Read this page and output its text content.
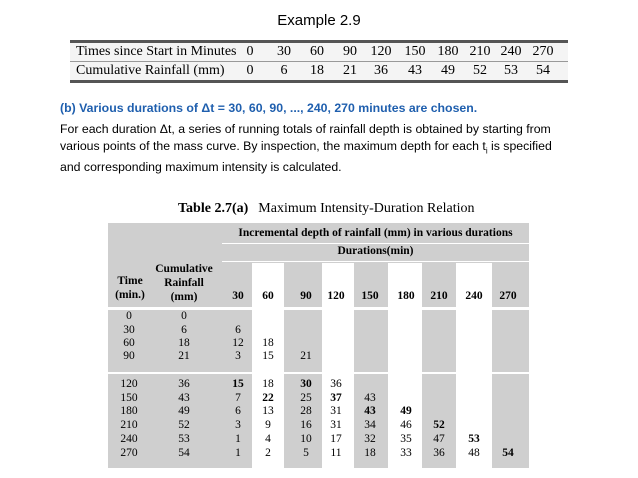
Example 2.9
Times since Start in Minutes 0	30	60	90 120 150 180 210 240 270
Cumulative Rainfall (mm)	0	6	18	21	36	43	49	52	53	54
(b) Various durations of Δt = 30, 60, 90, ..., 240, 270 minutes are chosen.
For each duration Δt, a series of running totals of rainfall depth is obtained by starting from
various points of the mass curve. By inspection, the maximum depth for each $t_i$ is specified
and corresponding maximum intensity is calculated.
Table 2.7(a) Maximum Intensity-Duration Relation
Incremental depth of rainfall (mm) in various durations
Durations(min)
Time
(min.)
Cumulative
Rainfall
(mm)	30	60	90	120	150	180	210	240	270
0	0
30	6	6
60	18	12	18
90	21	3	15	21
120	36	15	18	30	36
150	43	7	22	25	37	43
180	49	6	13	28	31	43	49
210	52	3	9	16	31	34	46	52
240	53	1	4	10	17	32	35	47	53
270	54	1	2	5	11	18	33	36	48	54
